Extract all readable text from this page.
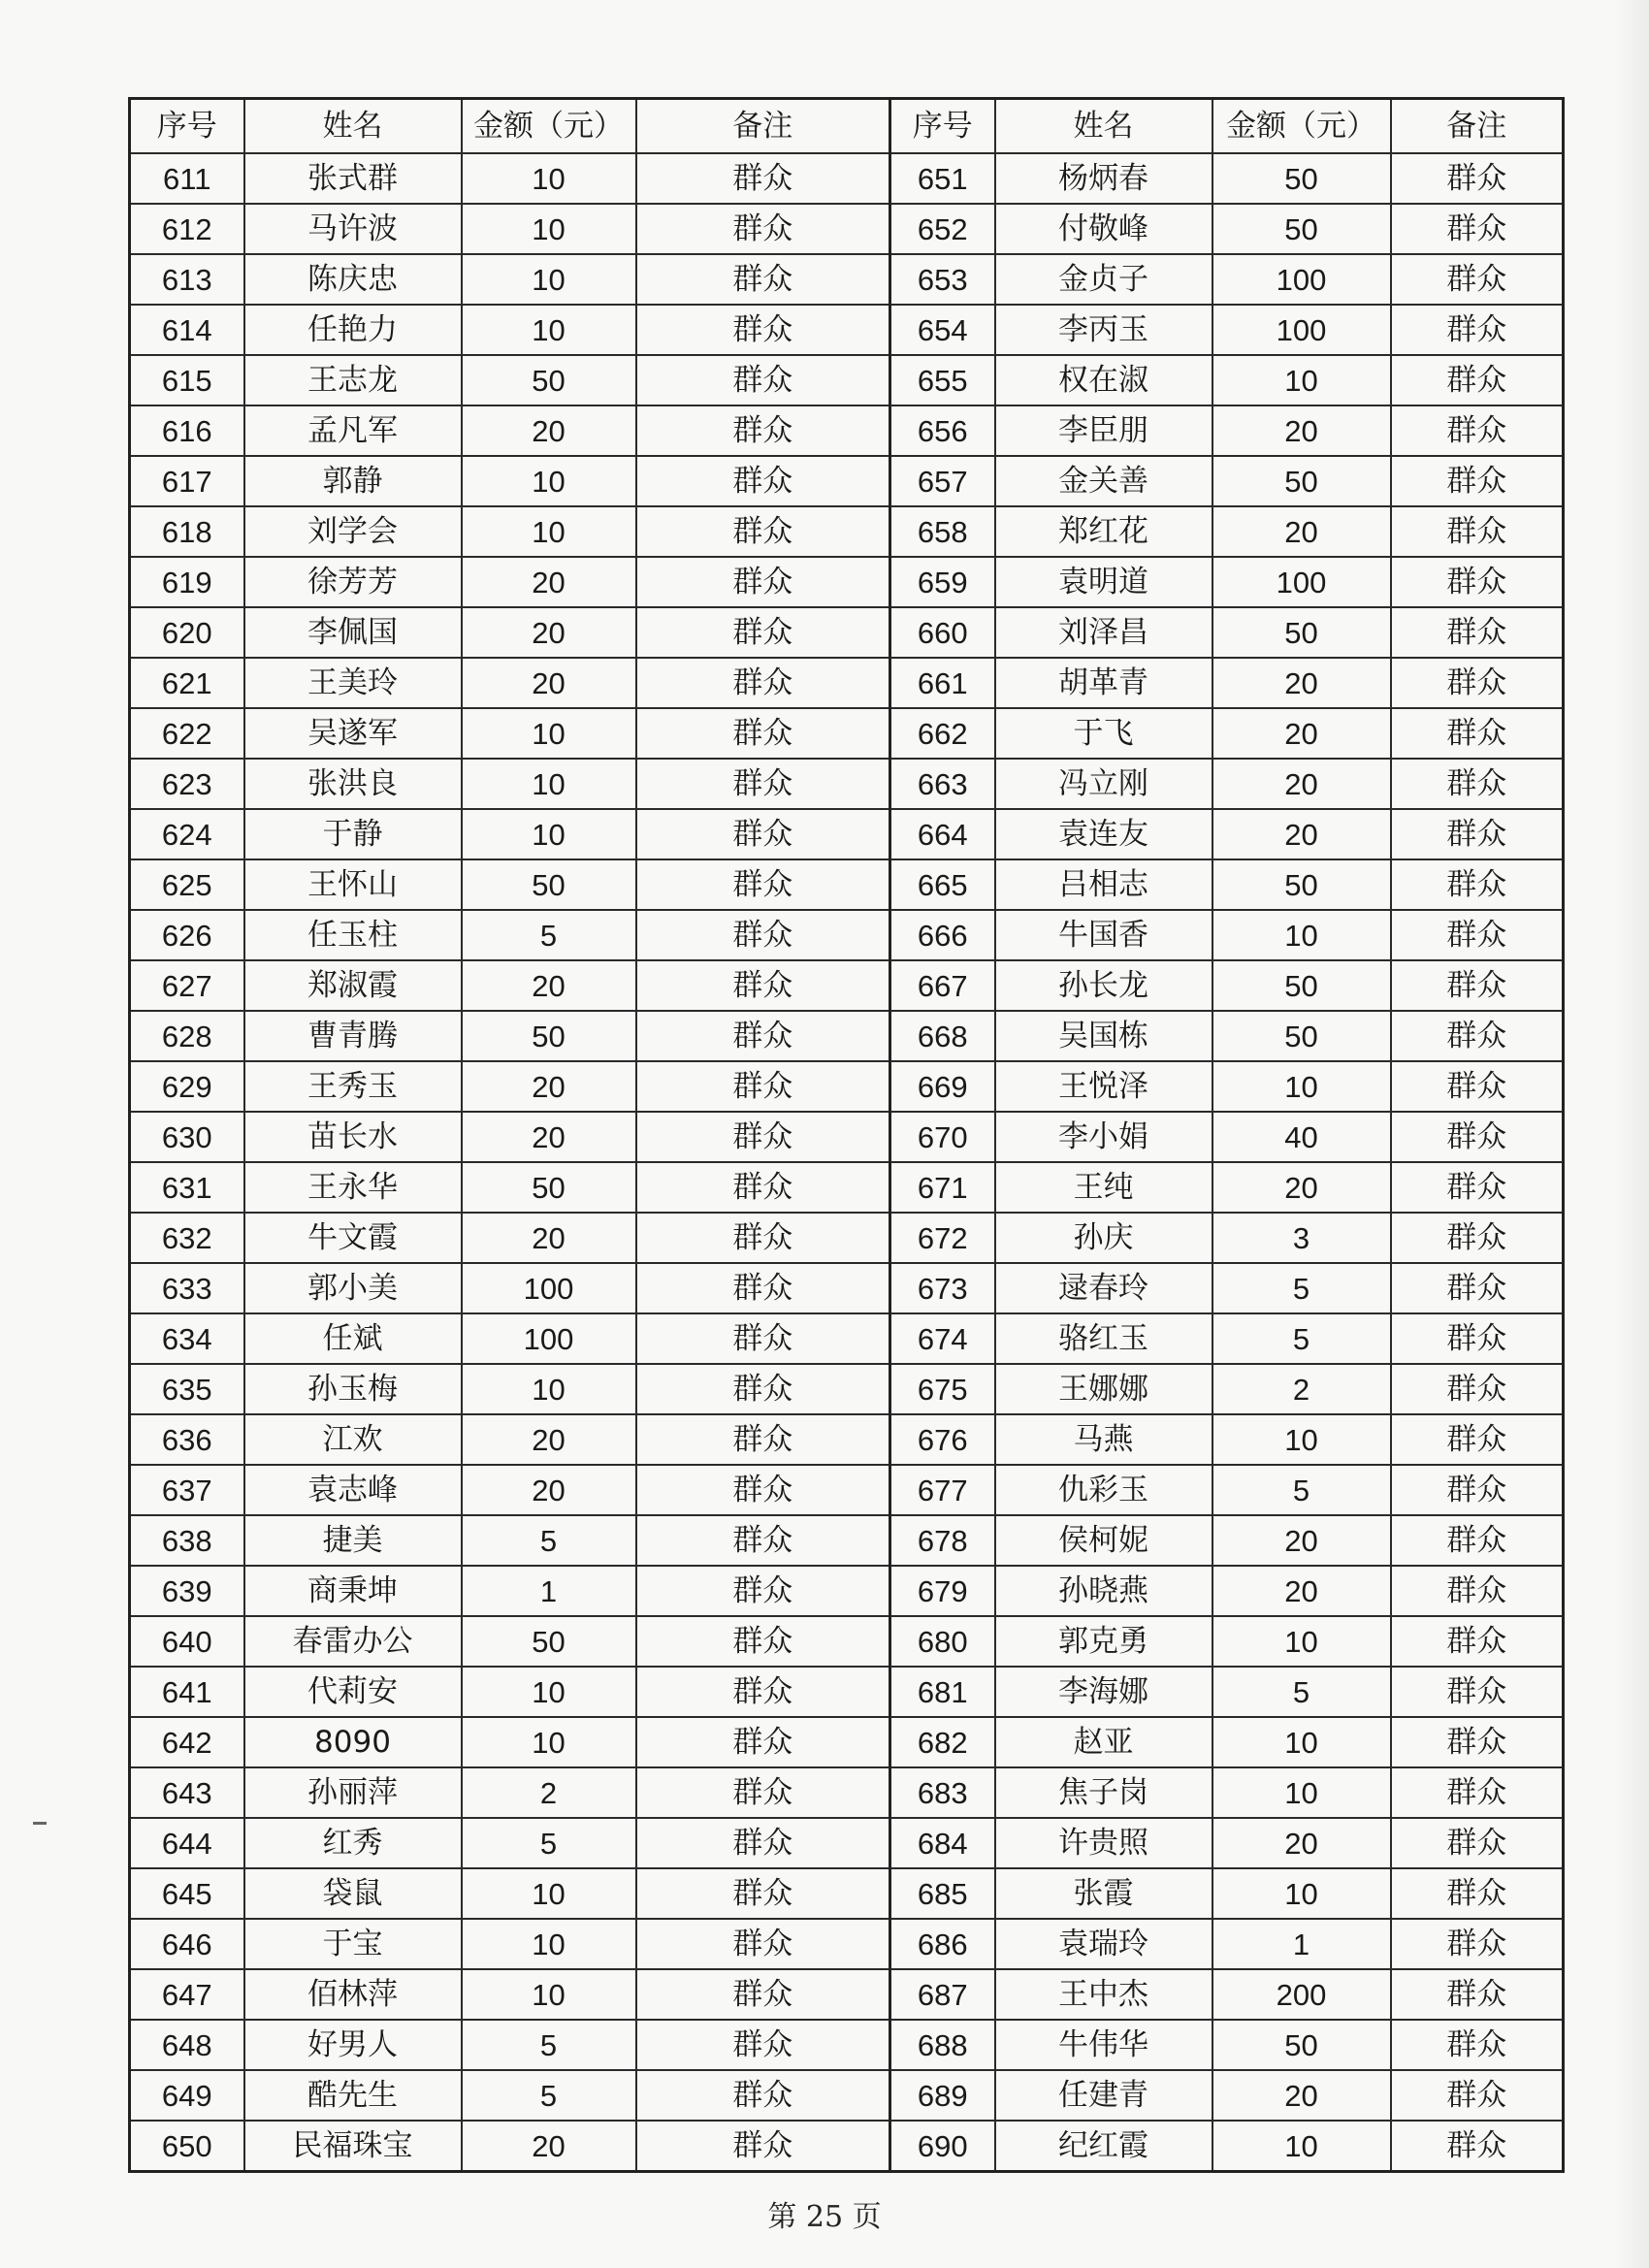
序号	姓名	金额（元）	备注	序号	姓名	金额（元）	备注
611	张式群	10	群众	651	杨炳春	50	群众
612	马许波	10	群众	652	付敬峰	50	群众
613	陈庆忠	10	群众	653	金贞子	100	群众
614	任艳力	10	群众	654	李丙玉	100	群众
615	王志龙	50	群众	655	权在淑	10	群众
616	孟凡军	20	群众	656	李臣朋	20	群众
617	郭静	10	群众	657	金关善	50	群众
618	刘学会	10	群众	658	郑红花	20	群众
619	徐芳芳	20	群众	659	袁明道	100	群众
620	李佩国	20	群众	660	刘泽昌	50	群众
621	王美玲	20	群众	661	胡革青	20	群众
622	吴遂军	10	群众	662	于飞	20	群众
623	张洪良	10	群众	663	冯立刚	20	群众
624	于静	10	群众	664	袁连友	20	群众
625	王怀山	50	群众	665	吕相志	50	群众
626	任玉柱	5	群众	666	牛国香	10	群众
627	郑淑霞	20	群众	667	孙长龙	50	群众
628	曹青腾	50	群众	668	吴国栋	50	群众
629	王秀玉	20	群众	669	王悦泽	10	群众
630	苗长水	20	群众	670	李小娟	40	群众
631	王永华	50	群众	671	王纯	20	群众
632	牛文霞	20	群众	672	孙庆	3	群众
633	郭小美	100	群众	673	逯春玲	5	群众
634	任斌	100	群众	674	骆红玉	5	群众
635	孙玉梅	10	群众	675	王娜娜	2	群众
636	江欢	20	群众	676	马燕	10	群众
637	袁志峰	20	群众	677	仇彩玉	5	群众
638	捷美	5	群众	678	侯柯妮	20	群众
639	商秉坤	1	群众	679	孙晓燕	20	群众
640	春雷办公	50	群众	680	郭克勇	10	群众
641	代莉安	10	群众	681	李海娜	5	群众
642	8090	10	群众	682	赵亚	10	群众
643	孙丽萍	2	群众	683	焦子岗	10	群众
644	红秀	5	群众	684	许贵照	20	群众
645	袋鼠	10	群众	685	张霞	10	群众
646	于宝	10	群众	686	袁瑞玲	1	群众
647	佰林萍	10	群众	687	王中杰	200	群众
648	好男人	5	群众	688	牛伟华	50	群众
649	酷先生	5	群众	689	任建青	20	群众
650	民福珠宝	20	群众	690	纪红霞	10	群众
第 25 页
